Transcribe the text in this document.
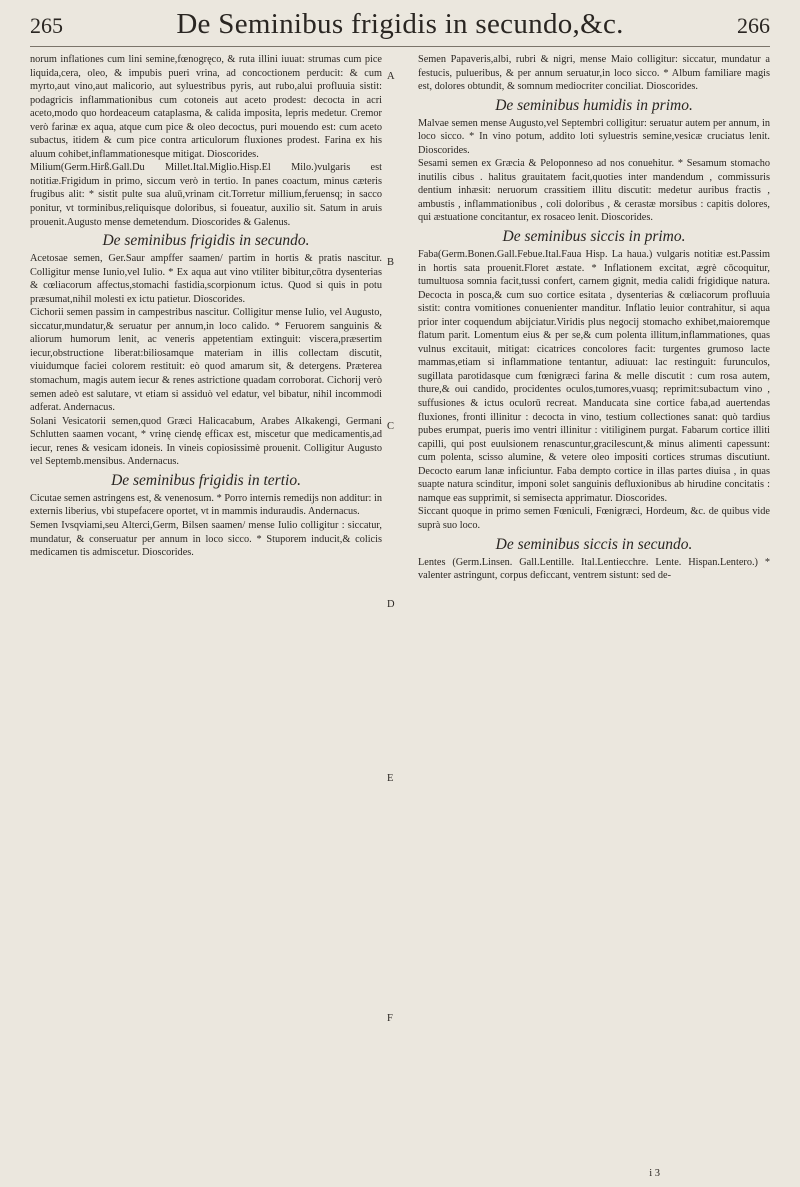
265	De Seminibus frigidis in secundo,&c.	266

norum inflationes cum lini semine,fœnogręco, & ruta illini iuuat: strumas cum pice liquida,cera, oleo, & impubis pueri vrina, ad concoctionem perducit: & cum myrto,aut vino,aut malicorio, aut syluestribus pyris, aut rubo,alui profluuia sistit: podagricis inflammationibus cum cotoneis aut aceto prodest: decocta in acri aceto,modo quo hordeaceum cataplasma, & calida imposita, lepris medetur. Cremor verò farinæ ex aqua, atque cum pice & oleo decoctus, puri mouendo est: cum aceto subactus, itidem & cum pice contra articulorum fluxiones prodest. Farina ex his aluum cohibet,inflammationesque mitigat. Dioscorides.

Milium(Germ.Hirß.Gall.Du Millet.Ital.Miglio.Hisp.El Milo.)vulgaris est notitiæ.Frigidum in primo, siccum verò in tertio. In panes coactum, minus cæteris frugibus alit: * sistit pulte sua aluū,vrinam cit.Torretur millium,feruensq; in sacco ponitur, vt torminibus,reliquisque doloribus, si foueatur, auxilio sit. Satum in aruis prouenit.Augusto mense demetendum. Dioscorides & Galenus.

De seminibus frigidis in secundo.

Acetosae semen, Ger.Saur ampffer saamen/ partim in hortis & pratis nascitur. Colligitur mense Iunio,vel Iulio. * Ex aqua aut vino vtiliter bibitur,cōtra dysenterias & cœliacorum affectus,stomachi fastidia,scorpionum ictus. Quod si quis in potu præsumat,nihil molesti ex ictu patietur. Dioscorides.

Cichorii semen passim in campestribus nascitur. Colligitur mense Iulio, vel Augusto, siccatur,mundatur,& seruatur per annum,in loco calido. * Feruorem sanguinis & aliorum humorum lenit, ac veneris appetentiam extinguit: viscera,præsertim iecur,obstructione liberat:biliosamque materiam in illis collectam discutit, viuidumque faciei colorem restituit: eò quod amarum sit, & detergens. Præterea stomachum, magis autem iecur & renes astrictione quadam corroborat. Cichorij verò semen adeò est salutare, vt etiam si assiduò vel edatur, vel bibatur, nihil incommodi adferat. Andernacus.

Solani Vesicatorii semen,quod Græci Halicacabum, Arabes Alkakengi, Germani Schlutten saamen vocant, * vrinę ciendę efficax est, miscetur que medicamentis,ad iecur, renes & vesicam idoneis. In vineis copiosissimè prouenit. Colligitur Augusto vel Septemb.mensibus. Andernacus.

De seminibus frigidis in tertio.

Cicutae semen astringens est, & venenosum. * Porro internis remedijs non additur: in externis liberius, vbi stupefacere oportet, vt in mammis induraudis. Andernacus.

Semen Ivsqviami,seu Alterci,Germ, Bilsen saamen/ mense Iulio colligitur : siccatur, mundatur, & conseruatur per annum in loco sicco. * Stuporem inducit,& colicis medicamen tis admiscetur. Dioscorides.

A
B
C
D
E
F

Semen Papaveris,albi, rubri & nigri, mense Maio colligitur: siccatur, mundatur a festucis, pulueribus, & per annum seruatur,in loco sicco. * Album familiare magis est, dolores obtundit, & somnum mediocriter conciliat. Dioscorides.

De seminibus humidis in primo.

Malvae semen mense Augusto,vel Septembri colligitur: seruatur autem per annum, in loco sicco. * In vino potum, addito loti syluestris semine,vesicæ cruciatus lenit. Dioscorides.

Sesami semen ex Græcia & Peloponnesо ad nos conuehitur. * Sesamum stomacho inutilis cibus . halitus grauitatem facit,quoties inter mandendum , commissuris dentium inhæsit: neruorum crassitiem illitu discutit: medetur auribus fractis , ambustis , inflammationibus , coli doloribus , & cerastæ morsibus : capitis dolores, qui æstuatione concitantur, ex rosaceo lenit. Dioscorides.

De seminibus siccis in primo.

Faba(Germ.Bonen.Gall.Febue.Ital.Faua Hisp. La haua.) vulgaris notitiæ est.Passim in hortis sata prouenit.Floret æstate. * Inflationem excitat, ægrè cōcoquitur, tumultuosa somnia facit,tussi confert, carnem gignit, media calidi frigidique natura. Decocta in posca,& cum suo cortice esitata , dysenterias & cœliacorum profluuia sistit: contra vomitiones conuenienter manditur. Inflatio leuior contrahitur, si aqua prior inter coquendum abijciatur.Viridis plus negocij stomacho exhibet,maioremque flatum parit. Lomentum eius & per se,& cum polenta illitum,inflammationes, quas vulnus excitauit, mitigat: cicatrices concolores facit: turgentes grumoso lacte mammas,etiam si inflammatione tentantur, adiuuat: lac restinguit: furunculos, sugillata parotidasque cum fœnigræci farina & melle discutit : cum rosa autem, thure,& oui candido, procidentes oculos,tumores,vuasq; reprimit:subactum vino , suffusiones & ictus oculorū recreat. Manducata sine cortice faba,ad auertendas fluxiones, fronti illinitur : decocta in vino, testium collectiones sanat: quò tardius pubes erumpat, pueris imo ventri illinitur : vitiliginem purgat. Fabarum cortice illiti capilli, qui post euulsionem renascuntur,gracilescunt,& minus alimenti capessunt: cum polenta, scisso alumine, & vetere oleo impositi cortices strumas discutiunt. Decocto earum lanæ inficiuntur. Faba dempto cortice in illas partes diuisa , in quas suapte natura scinditur, imponi solet sanguinis defluxionibus ab hirudine concitatis : namque eas supprimit, si semisecta apprimatur. Dioscorides.

Siccant quoque in primo semen Fœniculi, Fœnigræci, Hordeum, &c. de quibus vide suprà suo loco.

De seminibus siccis in secundo.

Lentes (Germ.Linsen. Gall.Lentille. Ital.Lentiecchre. Lente. Hispan.Lentero.) * valenter astringunt, corpus deficcant, ventrem sistunt: sed de-

i 3
